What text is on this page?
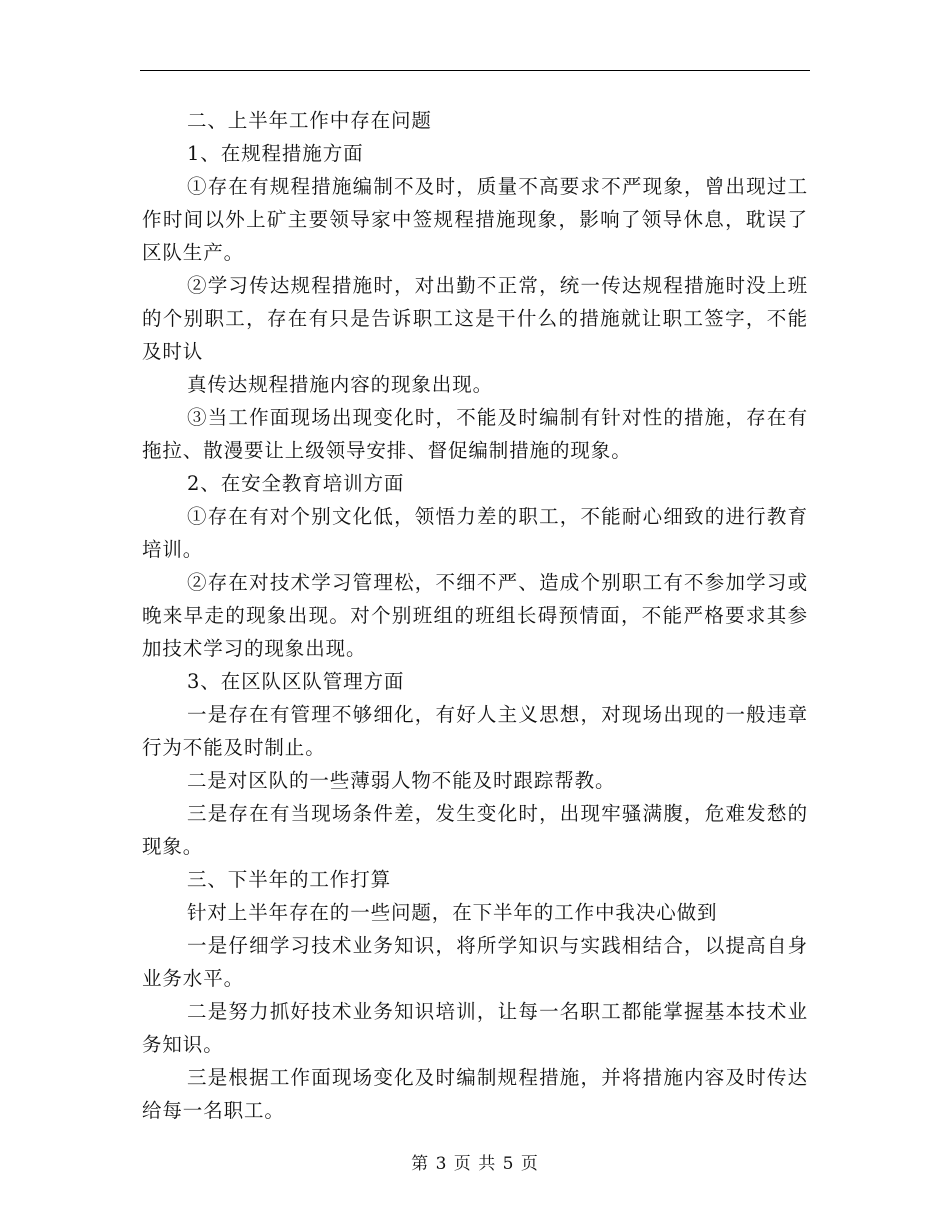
二、上半年工作中存在问题

1、在规程措施方面

①存在有规程措施编制不及时，质量不高要求不严现象，曾出现过工作时间以外上矿主要领导家中签规程措施现象，影响了领导休息，耽误了区队生产。

②学习传达规程措施时，对出勤不正常，统一传达规程措施时没上班的个别职工，存在有只是告诉职工这是干什么的措施就让职工签字，不能及时认

真传达规程措施内容的现象出现。

③当工作面现场出现变化时，不能及时编制有针对性的措施，存在有拖拉、散漫要让上级领导安排、督促编制措施的现象。

2、在安全教育培训方面

①存在有对个别文化低，领悟力差的职工，不能耐心细致的进行教育培训。

②存在对技术学习管理松，不细不严、造成个别职工有不参加学习或晚来早走的现象出现。对个别班组的班组长碍预情面，不能严格要求其参加技术学习的现象出现。

3、在区队区队管理方面

一是存在有管理不够细化，有好人主义思想，对现场出现的一般违章行为不能及时制止。

二是对区队的一些薄弱人物不能及时跟踪帮教。

三是存在有当现场条件差，发生变化时，出现牢骚满腹，危难发愁的现象。

三、下半年的工作打算

针对上半年存在的一些问题，在下半年的工作中我决心做到

一是仔细学习技术业务知识，将所学知识与实践相结合，以提高自身业务水平。

二是努力抓好技术业务知识培训，让每一名职工都能掌握基本技术业务知识。

三是根据工作面现场变化及时编制规程措施，并将措施内容及时传达给每一名职工。

第 3 页 共 5 页
